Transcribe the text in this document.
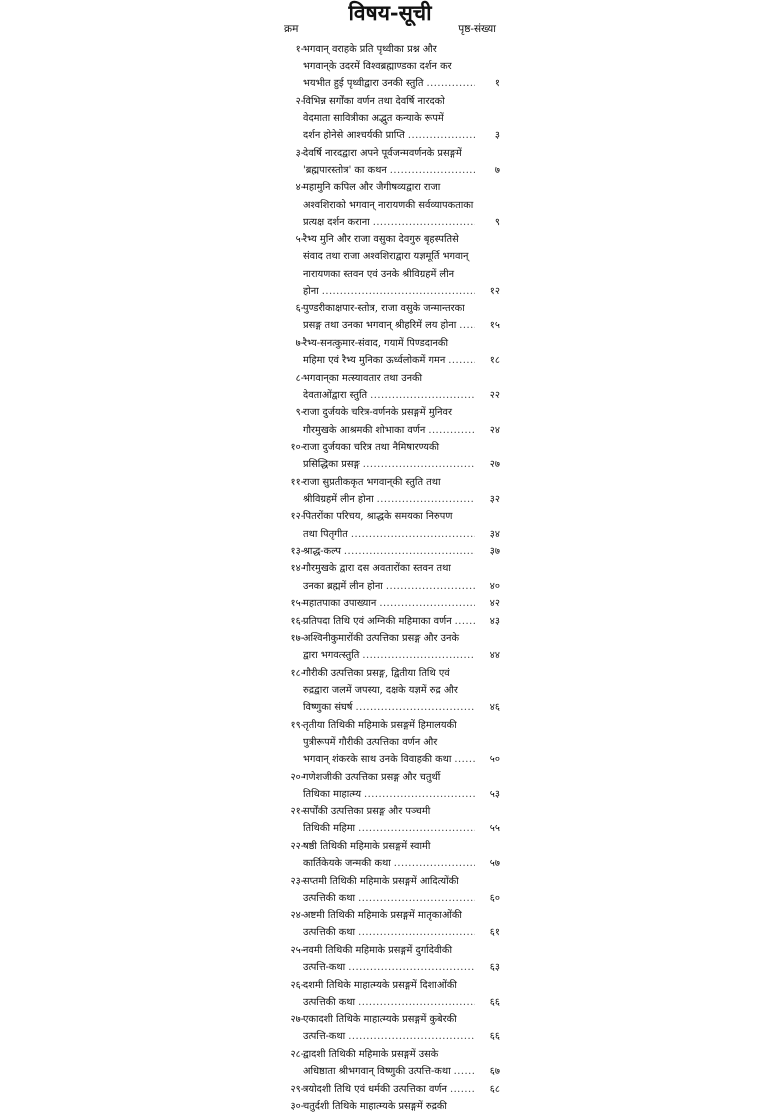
विषय-सूची
क्रम	पृष्ठ-संख्या
१- भगवान् वराहके प्रति पृथ्वीका प्रश्न और
भगवान्‌के उदरमें विश्वब्रह्माण्डका दर्शन कर
भयभीत हुई पृथ्वीद्वारा उनकी स्तुति .....	१
२- विभिन्न सर्गोंका वर्णन तथा देवर्षि नारदको
वेदमाता सावित्रीका अद्भुत कन्याके रूपमें
दर्शन होनेसे आश्चर्यकी प्राप्ति .....	३
३- देवर्षि नारदद्वारा अपने पूर्वजन्मवर्णनके प्रसङ्गमें
'ब्रह्मपारस्तोत्र' का कथन .....	७
४- महामुनि कपिल और जैगीषव्यद्वारा राजा
अश्वशिराको भगवान् नारायणकी सर्वव्यापकताका
प्रत्यक्ष दर्शन कराना .....	९
५- रैभ्य मुनि और राजा वसुका देवगुरु बृहस्पतिसे
संवाद तथा राजा अश्वशिराद्वारा यज्ञमूर्ति भगवान्
नारायणका स्तवन एवं उनके श्रीविग्रहमें लीन
होना .....	१२
६- पुण्डरीकाक्षपार-स्तोत्र, राजा वसुके जन्मान्तरका
प्रसङ्ग तथा उनका भगवान् श्रीहरिमें लय होना .....	१५
७- रैभ्य-सनत्कुमार-संवाद, गयामें पिण्डदानकी
महिमा एवं रैभ्य मुनिका ऊर्ध्वलोकमें गमन .....	१८
८- भगवान्‌का मत्स्यावतार तथा उनकी
देवताओंद्वारा स्तुति .....	२२
९- राजा दुर्जयके चरित्र-वर्णनके प्रसङ्गमें मुनिवर
गौरमुखके आश्रमकी शोभाका वर्णन .....	२४
१०- राजा दुर्जयका चरित्र तथा नैमिषारण्यकी
प्रसिद्धिका प्रसङ्ग .....	२७
११- राजा सुप्रतीककृत भगवान्‌की स्तुति तथा
श्रीविग्रहमें लीन होना .....	३२
१२- पितरोंका परिचय, श्राद्धके समयका निरुपण
तथा पितृगीत .....	३४
१३- श्राद्ध-कल्प .....	३७
१४- गौरमुखके द्वारा दस अवतारोंका स्तवन तथा
उनका ब्रह्ममें लीन होना .....	४०
१५- महातपाका उपाख्यान .....	४२
१६- प्रतिपदा तिथि एवं अग्निकी महिमाका वर्णन .....	४३
१७- अश्विनीकुमारोंकी उत्पत्तिका प्रसङ्ग और उनके
द्वारा भगवत्स्तुति .....	४४
१८- गौरीकी उत्पत्तिका प्रसङ्ग, द्वितीया तिथि एवं
रुद्रद्वारा जलमें जपस्या, दक्षके यज्ञमें रुद्र और
विष्णुका संघर्ष .....	४६
१९- तृतीया तिथिकी महिमाके प्रसङ्गमें हिमालयकी
पुत्रीरूपमें गौरीकी उत्पत्तिका वर्णन और
भगवान् शंकरके साथ उनके विवाहकी कथा .....	५०
२०- गणेशजीकी उत्पत्तिका प्रसङ्ग और चतुर्थी
तिथिका माहात्म्य .....	५३
२१- सर्पोंकी उत्पत्तिका प्रसङ्ग और पञ्चमी
तिथिकी महिमा .....	५५
२२- षष्ठी तिथिकी महिमाके प्रसङ्गमें स्वामी
कार्तिकेयके जन्मकी कथा .....	५७
२३- सप्तमी तिथिकी महिमाके प्रसङ्गमें आदित्योंकी
उत्पत्तिकी कथा .....	६०
२४- अष्टमी तिथिकी महिमाके प्रसङ्गमें मातृकाओंकी
उत्पत्तिकी कथा .....	६१
२५- नवमी तिथिकी महिमाके प्रसङ्गमें दुर्गादेवीकी
उत्पत्ति-कथा .....	६३
२६- दशमी तिथिके माहात्म्यके प्रसङ्गमें दिशाओंकी
उत्पत्तिकी कथा .....	६६
२७- एकादशी तिथिके माहात्म्यके प्रसङ्गमें कुबेरकी
उत्पत्ति-कथा .....	६६
२८- द्वादशी तिथिकी महिमाके प्रसङ्गमें उसके
अधिष्ठाता श्रीभगवान् विष्णुकी उत्पत्ति-कथा .....	६७
२९- त्रयोदशी तिथि एवं धर्मकी उत्पत्तिका वर्णन .....	६८
३०- चतुर्दशी तिथिके माहात्म्यके प्रसङ्गमें रुद्रकी
